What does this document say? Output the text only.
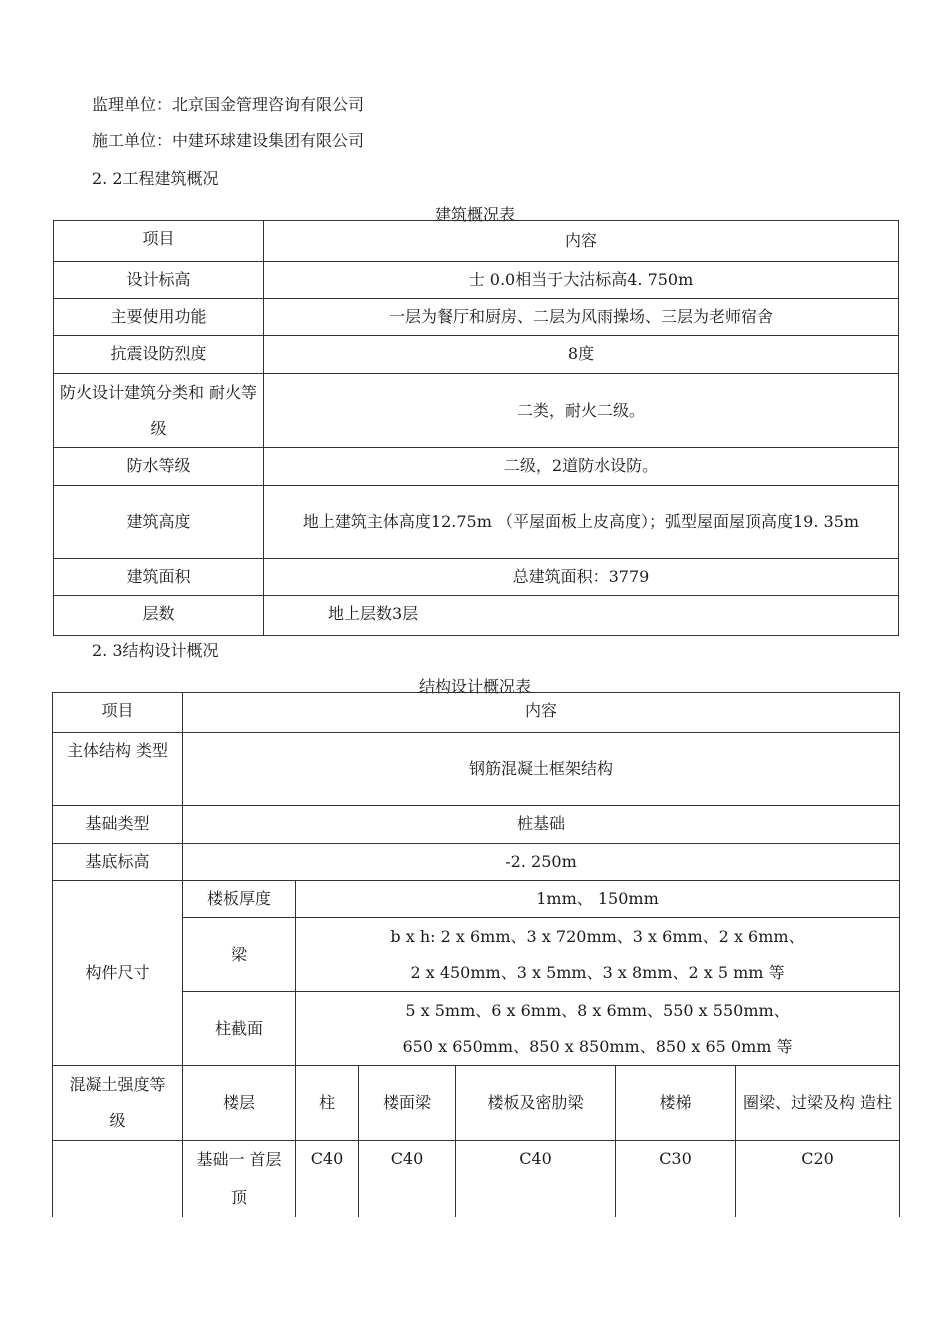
监理单位：北京国金管理咨询有限公司
施工单位：中建环球建设集团有限公司
2. 2工程建筑概况
建筑概况表
项目	内容
设计标高	士 0.0相当于大沽标高4. 750m
主要使用功能	一层为餐厅和厨房、二层为风雨操场、三层为老师宿舍
抗震设防烈度	8度
防火设计建筑分类和 耐火等级	二类，耐火二级。
防水等级	二级，2道防水设防。
建筑高度	地上建筑主体高度12.75m （平屋面板上皮高度）；弧型屋面屋顶高度19. 35m
建筑面积	总建筑面积：3779
层数	地上层数3层
2. 3结构设计概况
结构设计概况表
项目	内容					
主体结构 类型	钢筋混凝土框架结构					
基础类型	桩基础					
基底标高	-2. 250m					
构件尺寸	楼板厚度	1mm、 150mm				
	梁	b x h: 2 x 6mm、3 x 720mm、3 x 6mm、2 x 6mm、
2 x 450mm、3 x 5mm、3 x 8mm、2 x 5 mm 等				

	柱截面	5 x 5mm、6 x 6mm、8 x 6mm、550 x 550mm、
650 x 650mm、850 x 850mm、850 x 65 0mm 等				

混凝土强度等级	楼层	柱	楼面梁	楼板及密肋梁	楼梯	圈梁、过梁及构 造柱
	基础一 首层顶	C40	C40	C40	C30	C20
